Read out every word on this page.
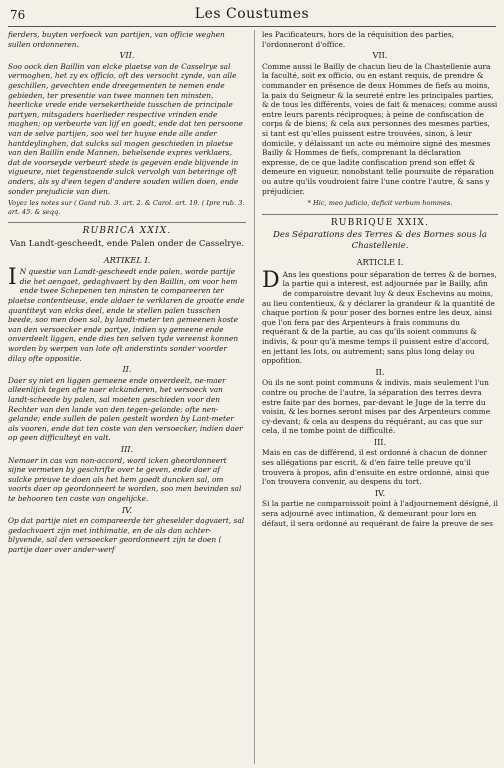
76	Les Coustumes

fierders, buyten verfoeck van partijen, van officie weghen sullen ordonneren.

VII.

Soo oock den Baillin van elcke plaetse van de Casselrye sal vermoghen, het zy ex officio, oft des versocht zynde, van alle geschillen, gevechten ende dreegementen te nemen ende gebieden, ter presentie van twee mannen ten minsten, heerlicke vrede ende versekertheide tusschen de principale partyen, mitsgaders haerlieder respective vrinden ende maghen; op verbeurte van lijf en goedt, ende dat ten persoone van de selve partijen, soo wel ter huyse ende alle ander hantdeylinghen, dat sulcks sal mogen geschieden in plaetse van den Baillin ende Mannen, behelsende expres verklaers, dat de voorseyde verbeurt stede is gegeven ende blijvende in vigueure, niet tegenstaende sulck vervolgh van beteringe oft anders, als sy d'een tegen d'andere souden willen doen, ende sonder prejudicie van dien.

Voyez les notes sur ( Gand rub. 3. art. 2. & Carol. art. 19. ( Ipre rub. 3. art. 45. & seqq.

RUBRICA XXIX.
Van Landt-gescheedt, ende Palen onder de Casselrye.
ARTIKEL I.

I N questie van Landt-gescheedt ende palen, worde partije die het aengaet, gedaghvaert by den Baillin, om voor hem ende twee Schepenen ten minsten te compareeren ter plaetse contentieuse, ende aldaer te verklaren de grootte ende quantiteyt van elcks deel, ende te stellen palen tusschen beede, soo men doen sal, by landt-meter ten gemeenen koste van den versoecker ende partye, indien sy gemeene ende onverdeelt liggen, ende dies ten selven tyde vereenst konnen worden by werpen van lote oft anderstints sonder voorder dilay ofte oppositie.

II.

Daer sy niet en liggen gemeene ende onverdeelt, ne-maer alleenlijck tegen ofte naer elckanderen, het versoeck van landt-scheede by palen, sal moeten geschieden voor den Rechter van den lande van den tegen-gelande; ofte nen-gelande; ende sullen de palen gestelt worden by Lant-meter als vooren, ende dat ten coste van den versoecker, indien daer op geen difficulteyt en valt.

III.

Nemaer in cas van non-accord, word icken gheordonneert sijne vermeten by geschrifte over te geven, ende daer af sulcke preuve te doen als het hem goedt duncken sal, om voorts daer op geordonneert te worden, soo men bevinden sal te behooren ten coste van ongelijcke.

IV.

Op dat partije niet en compareerde ter gheselder dagvaert, sal gedachvaert zijn met inthimatie, en de als dan achter-blyvende, sal den versoecker geordonneert zijn te doen ( partije daer over ander-werf

les Pacificateurs, hors de la réquisition des parties, l'ordonneront d'office.

VII.

Comme aussi le Bailly de chacun lieu de la Chastellenie aura la faculté, soit ex officio, ou en estant requis, de prendre & commander en présence de deux Hommes de fiefs au moins, la paix du Seigneur & la seureté entre les principales parties, & de tous les différents, voies de fait & menaces; comme aussi entre leurs parents réciproques; à peine de confiscation de corps & de biens; & cela aux personnes des mesmes parties, si tant est qu'elles puissent estre trouvées, sinon, à leur domicile, y délaissant un acte ou mémoire signé des mesmes Bailly & Hommes de fiefs, comprenant la déclaration expresse, de ce que ladite confiscation prend son effet & demeure en vigueur, nonobstant telle poursuite de réparation ou autre qu'ils voudroient faire l'une contre l'autre, & sans y préjudicier.

* Hic, meo judicio, deficit verbum hommes.

RUBRIQUE XXIX.
Des Séparations des Terres & des Bornes sous la Chastellenie.
ARTICLE I.

D Ans les questions pour séparation de terres & de bornes, la partie qui a interest, est adjournée par le Bailly, afin de comparoistre devant luy & deux Eschevins au moins, au lieu contentieux, & y déclarer la grandeur & la quantité de chaque portion & pour poser des bornes entre les deux, ainsi que l'on fera par des Arpenteurs à frais communs du requérant & de la partie, au cas qu'ils soient communs & indivis, & pour qu'à mesme temps il puissent estre d'accord, en jettant les lots, ou autrement; sans plus long delay ou oppofition.

II.

Où ils ne sont point communs & indivis, mais seulement l'un contre ou proche de l'autre, la séparation des terres devra estre faite par des bornes, par-devant le Juge de la terre du voisin, & les bornes seront mises par des Arpenteurs comme cy-devant; & cela au despens du réquérant, au cas que sur cela, il ne tombe point de difficulté.

III.

Mais en cas de différend, il est ordonné à chacun de donner ses allégations par escrit, & d'en faire telle preuve qu'il trouvera à propos, afin d'ensuite en estre ordonné, ainsi que l'on trouvera convenir, au despens du tort.

IV.

Si la partie ne comparoissoit point à l'adjournement désigné, il sera adjourné avec intimation, & demeurant pour lors en défaut, il sera ordonné au requérant de faire la preuve de ses
